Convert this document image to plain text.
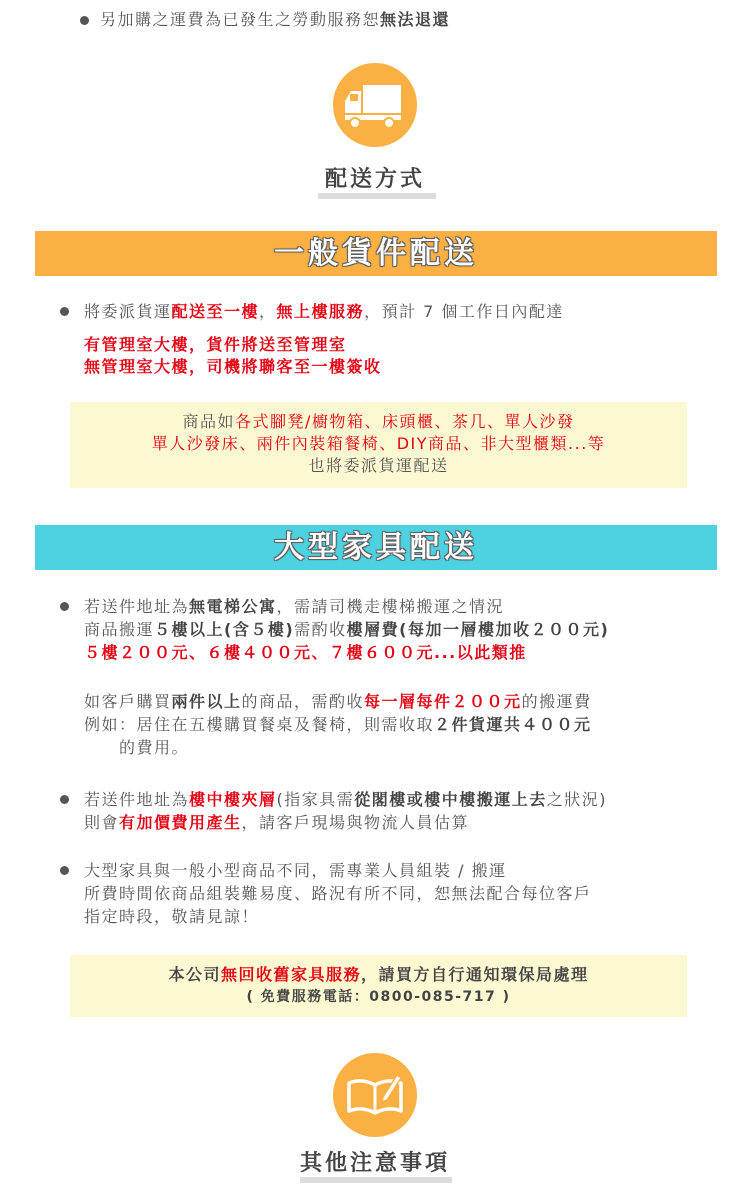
另加購之運費為已發生之勞動服務恕無法退還
配送方式
一般貨件配送
將委派貨運配送至一樓，無上樓服務，預計 7 個工作日內配達
有管理室大樓，貨件將送至管理室
無管理室大樓，司機將聯客至一樓簽收
商品如各式腳凳/櫥物箱、床頭櫃、茶几、單人沙發
單人沙發床、兩件內裝箱餐椅、DIY商品、非大型櫃類...等
也將委派貨運配送
大型家具配送
若送件地址為無電梯公寓，需請司機走樓梯搬運之情況
商品搬運５樓以上(含５樓)需酌收樓層費(每加一層樓加收２００元)
５樓２００元、６樓４００元、７樓６００元...以此類推
如客戶購買兩件以上的商品，需酌收每一層每件２００元的搬運費
例如：居住在五樓購買餐桌及餐椅，則需收取２件貨運共４００元
　　的費用。
若送件地址為樓中樓夾層(指家具需從閣樓或樓中樓搬運上去之狀況)
則會有加價費用產生，請客戶現場與物流人員估算
大型家具與一般小型商品不同，需專業人員組裝 / 搬運
所費時間依商品組裝難易度、路況有所不同，恕無法配合每位客戶
指定時段，敬請見諒！
本公司無回收舊家具服務，請買方自行通知環保局處理
( 免費服務電話：0800-085-717 )
其他注意事項
